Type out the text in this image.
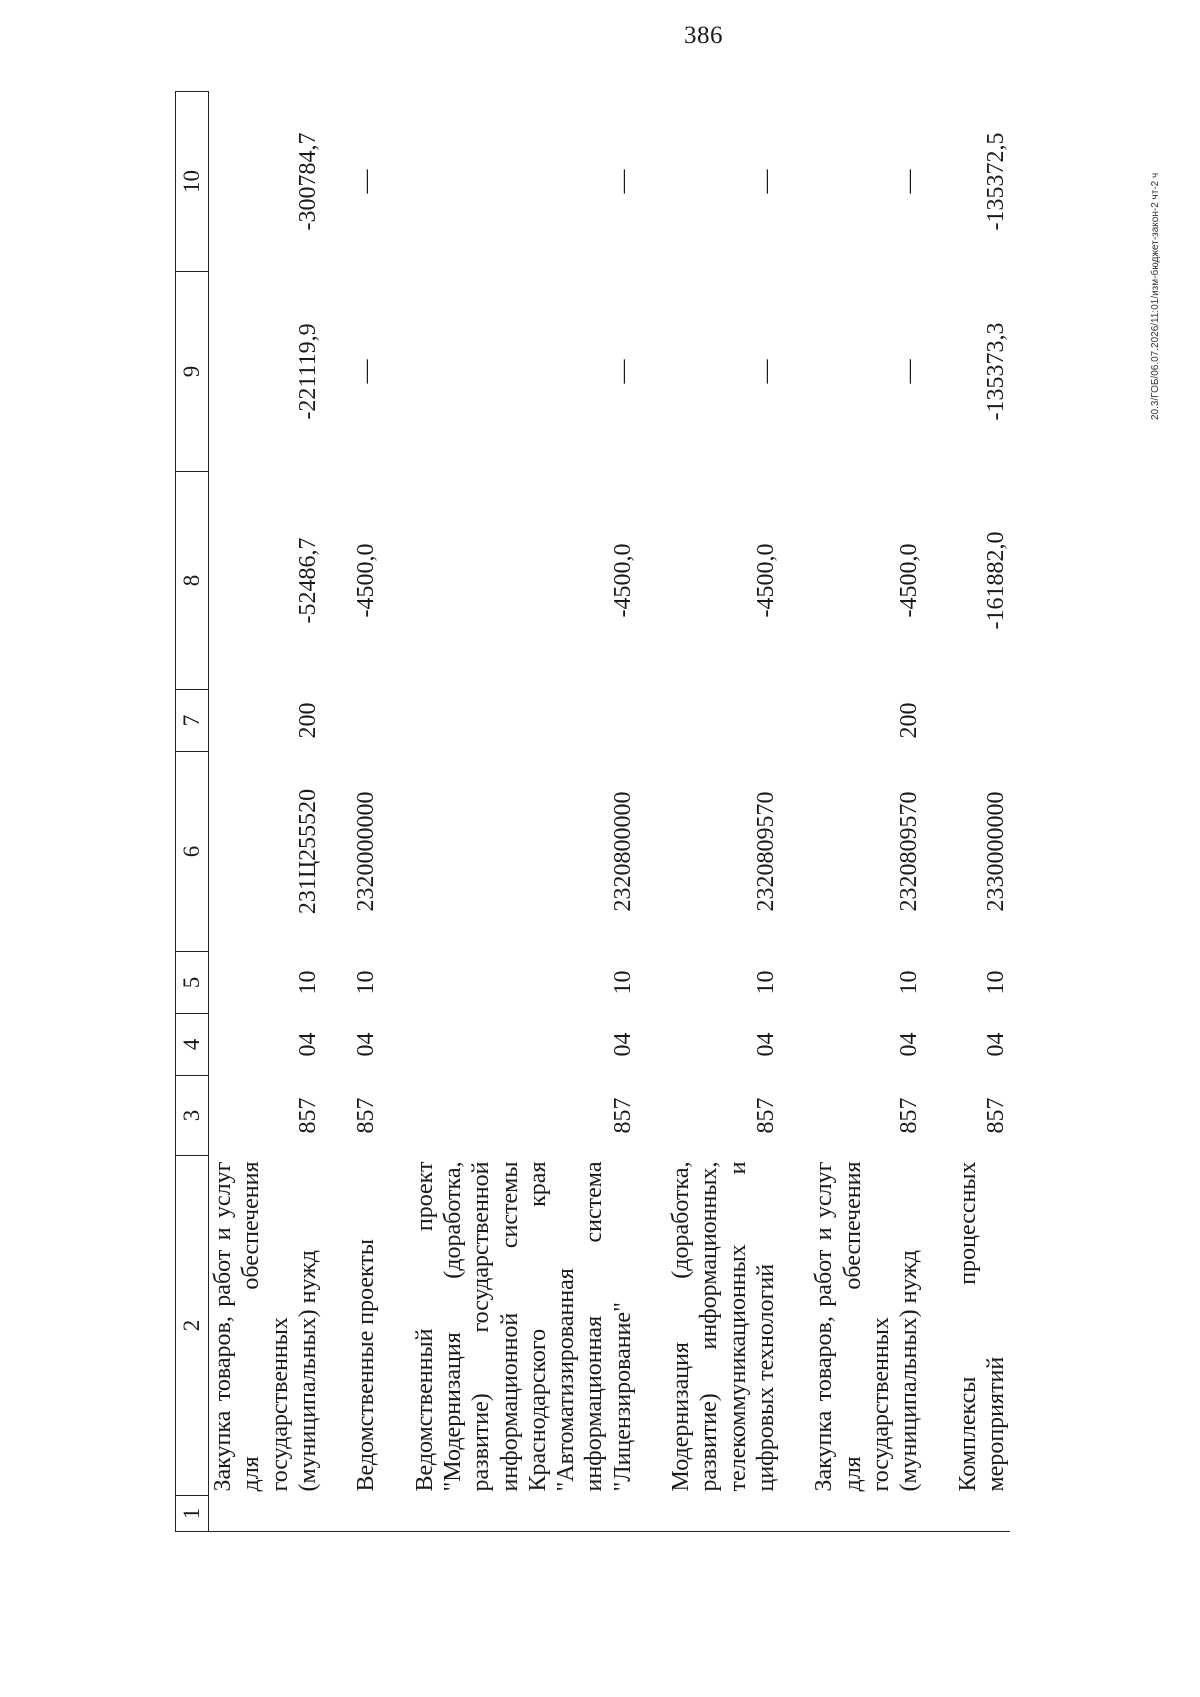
386
1	2	3	4	5	6	7	8	9	10
	Закупка товаров, работ и услуг для обеспечения государственных (муниципальных) нужд	857	04	10	231Ц255520	200	-52486,7	-221119,9	-300784,7

	Ведомственные проекты	857	04	10	2320000000		-4500,0	—	—

	Ведомственный проект "Модернизация (доработка, развитие) государственной информационной системы Краснодарского края "Автоматизированная информационная система "Лицензирование"	857	04	10	2320800000		-4500,0	—	—

	Модернизация (доработка, развитие) информационных, телекоммуникационных и цифровых технологий	857	04	10	2320809570		-4500,0	—	—

	Закупка товаров, работ и услуг для обеспечения государственных (муниципальных) нужд	857	04	10	2320809570	200	-4500,0	—	—

	Комплексы процессных мероприятий	857	04	10	2330000000		-161882,0	-135373,3	-135372,5	20.3/ГОБ/06.07.2026/11:01/изм-бюджет-закон-2 чт-2 ч
